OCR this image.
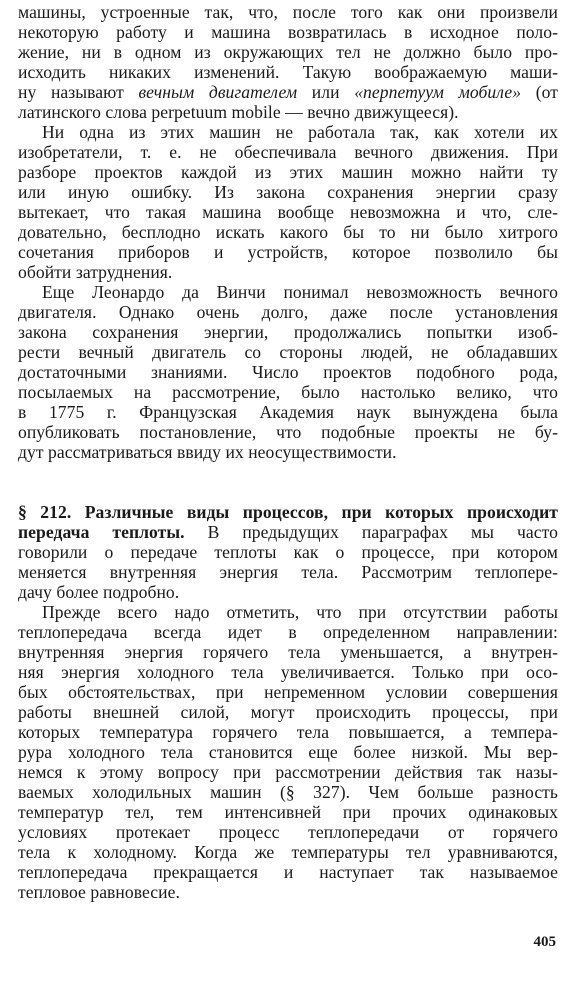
машины, устроенные так, что, после того как они произвели
некоторую работу и машина возвратилась в исходное поло-
жение, ни в одном из окружающих тел не должно было про-
исходить никаких изменений. Такую воображаемую маши-
ну называют вечным двигателем или «перпетуум мобиле» (от
латинского слова perpetuum mobile — вечно движущееся).
Ни одна из этих машин не работала так, как хотели их
изобретатели, т. е. не обеспечивала вечного движения. При
разборе проектов каждой из этих машин можно найти ту
или иную ошибку. Из закона сохранения энергии сразу
вытекает, что такая машина вообще невозможна и что, сле-
довательно, бесплодно искать какого бы то ни было хитрого
сочетания приборов и устройств, которое позволило бы
обойти затруднения.
Еще Леонардо да Винчи понимал невозможность вечного
двигателя. Однако очень долго, даже после установления
закона сохранения энергии, продолжались попытки изоб-
рести вечный двигатель со стороны людей, не обладавших
достаточными знаниями. Число проектов подобного рода,
посылаемых на рассмотрение, было настолько велико, что
в 1775 г. Французская Академия наук вынуждена была
опубликовать постановление, что подобные проекты не бу-
дут рассматриваться ввиду их неосуществимости.
§ 212. Различные виды процессов, при которых происходит
передача теплоты. В предыдущих параграфах мы часто
говорили о передаче теплоты как о процессе, при котором
меняется внутренняя энергия тела. Рассмотрим теплопере-
дачу более подробно.
Прежде всего надо отметить, что при отсутствии работы
теплопередача всегда идет в определенном направлении:
внутренняя энергия горячего тела уменьшается, а внутрен-
няя энергия холодного тела увеличивается. Только при осо-
бых обстоятельствах, при непременном условии совершения
работы внешней силой, могут происходить процессы, при
которых температура горячего тела повышается, а темпера-
рура холодного тела становится еще более низкой. Мы вер-
немся к этому вопросу при рассмотрении действия так назы-
ваемых холодильных машин (§ 327). Чем больше разность
температур тел, тем интенсивней при прочих одинаковых
условиях протекает процесс теплопередачи от горячего
тела к холодному. Когда же температуры тел уравниваются,
теплопередача прекращается и наступает так называемое
тепловое равновесие.
405
